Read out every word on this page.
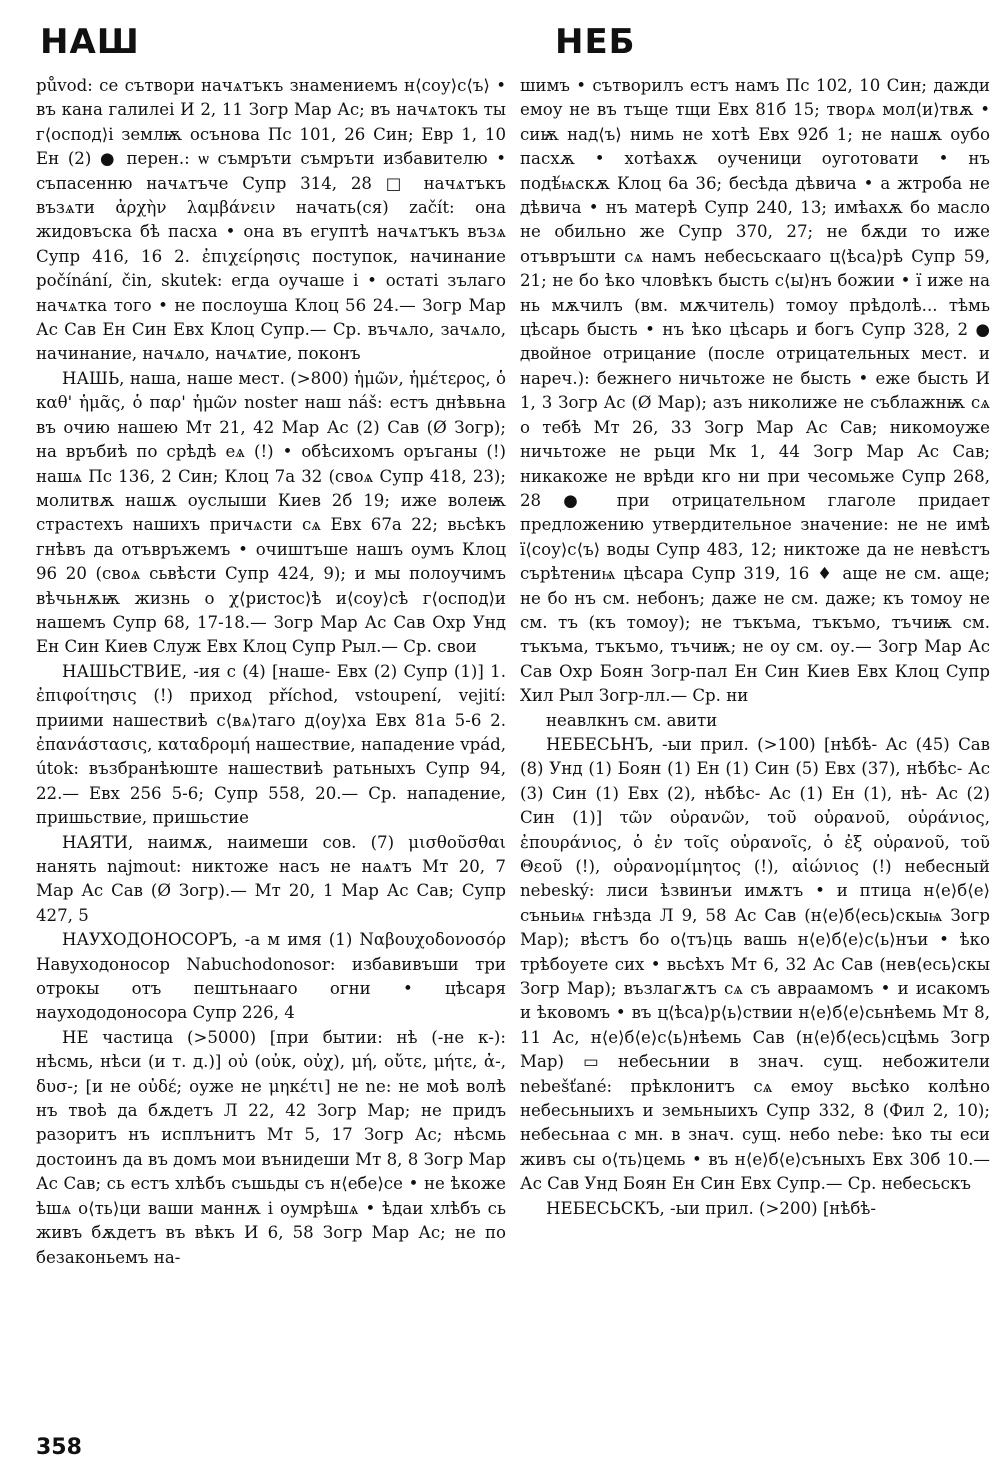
НАШ	НЕБ

původ: се сътвори начѧтъкъ знамениемъ н⟨соу⟩с⟨ъ⟩ • въ кана галилеі И 2, 11 Зогр Мар Ас; въ начѧтокъ ты г⟨оспод⟩і землѭ осънова Пс 101, 26 Син; Евр 1, 10 Ен (2) ● перен.: ѡ съмръти съмръти избавителю • съпасенню начѧтъче Супр 314, 28 □ начѧтъкъ възѧти ἀρχὴν λαμβάνειν начать(ся) začít: она жидовъска бѣ пасха • она въ егуптѣ начѧтъкъ възѧ Супр 416, 16 2. ἐπιχείρησις поступок, начинание počínání, čin, skutek: егда оучаше і • остаті зълаго начѧтка того • не послоуша Клоц 56 24.— Зогр Мар Ас Сав Ен Син Евх Клоц Супр.— Ср. въчѧло, зачѧло, начинание, начѧло, начѧтие, поконъ

НАШЬ, наша, наше мест. (>800) ἡμῶν, ἡμέτερος, ὁ καθ' ἡμᾶς, ὁ παρ' ἡμῶν noster наш náš: естъ днѣвьна въ очию нашею Мт 21, 42 Мар Ас (2) Сав (Ø Зогр); на връбиѣ по срѣдѣ еѧ (!) • обѣсихомъ оръганы (!) нашѧ Пс 136, 2 Син; Клоц 7а 32 (своѧ Супр 418, 23); молитвѫ нашѫ оуслыши Киев 2б 19; иже волеѭ страстехъ нашихъ причѧсти сѧ Евх 67а 22; вьсѣкъ гнѣвъ да отъвръжемъ • очиштъше нашъ оумъ Клоц 96 20 (своѧ сьвѣсти Супр 424, 9); и мы полоучимъ вѣчьнѫѭ жизнь о χ⟨ристос⟩ѣ и⟨соу⟩сѣ г⟨оспод⟩и нашемъ Супр 68, 17-18.— Зогр Мар Ас Сав Охр Унд Ен Син Киев Служ Евх Клоц Супр Рыл.— Ср. свои

НАШЬСТВИЕ, -ия с (4) [наше- Евх (2) Супр (1)] 1. ἐπιφοίτησις (!) приход příchod, vstoupení, vejití: приими нашествиѣ с⟨вѧ⟩таго д⟨оу⟩ха Евх 81а 5-6 2. ἐπανάστασις, καταδρομή нашествие, нападение vpád, útok: възбранѣюште нашествиѣ ратьныхъ Супр 94, 22.— Евх 256 5-6; Супр 558, 20.— Ср. нападение, пришьствие, пришьстие

НАЯТИ, наимѫ, наимеши сов. (7) μισθοῦσθαι нанять najmout: никтоже насъ не наѧтъ Мт 20, 7 Мар Ас Сав (Ø Зогр).— Мт 20, 1 Мар Ас Сав; Супр 427, 5

НАУХОДОНОСОРЪ, -а м имя (1) Ναβουχοδονοσόρ Навуходоносор Nabuchodonosor: избавивъши три отрокы отъ пештьнааго огни • цѣсаря наухододоносора Супр 226, 4

НЕ частица (>5000) [при бытии: нѣ (-не к-): нѣсмь, нѣси (и т. д.)] οὐ (οὐκ, οὐχ), μή, οὔτε, μήτε, ἀ-, δυσ-; [и не οὐδέ; оуже не μηκέτι] не ne: не моѣ волѣ нъ твоѣ да бѫдетъ Л 22, 42 Зогр Мар; не придъ разоритъ нъ исплънитъ Мт 5, 17 Зогр Ас; нѣсмь достоинъ да въ домъ мои вънидеши Мт 8, 8 Зогр Мар Ас Сав; сь естъ хлѣбъ съшьды съ н⟨ебе⟩се • не ѣкоже ѣшѧ о⟨ть⟩ци ваши маннѫ і оумрѣшѧ • ѣдаи хлѣбъ сь живъ бѫдетъ въ вѣкъ И 6, 58 Зогр Мар Ас; не по безаконьемъ на-

шимъ • сътворилъ естъ намъ Пс 102, 10 Син; дажди емоу не въ тъще тщи Евх 81б 15; творѧ мол⟨и⟩твѫ • сиѭ над⟨ъ⟩ нимь не хотѣ Евх 92б 1; не нашѫ оубо пасхѫ • хотѣахѫ оученици оуготовати • нъ подѣ́ѩскѫ Клоц 6а 36; бесѣда дѣвича • а жтроба не дѣвича • нъ матерѣ Супр 240, 13; имѣахѫ бо масло не обильно же Супр 370, 27; не бѫди то иже отъвръшти сѧ намъ небесьскааго ц⟨ѣса⟩рѣ Супр 59, 21; не бо ѣко чловѣкъ бысть с⟨ы⟩нъ божии • ї иже на нь мѫчилъ (вм. мѫчитель) томоу прѣдолѣ... тѣмь цѣсарь бысть • нъ ѣко цѣсарь и богъ Супр 328, 2 ● двойное отрицание (после отрицательных мест. и нареч.): бежнего ничьтоже не бысть • еже бысть И 1, 3 Зогр Ас (Ø Мар); азъ николиже не съблажнѭ сѧ о тебѣ Мт 26, 33 Зогр Мар Ас Сав; никомоуже ничьтоже не рьци Мк 1, 44 Зогр Мар Ас Сав; никакоже не врѣди кго ни при чесомьже Супр 268, 28 ● при отрицательном глаголе придает предложению утвердительное значение: не не имѣ ї⟨соу⟩с⟨ъ⟩ воды Супр 483, 12; никтоже да не невѣстъ сърѣтениѩ цѣсара Супр 319, 16 ♦ аще не см. аще; не бо нъ см. небонъ; даже не см. даже; къ томоу не см. тъ (къ томоу); не тъкъма, тъкъмо, тъчиѭ см. тъкъма, тъкъмо, тъчиѭ; не оу см. оу.— Зогр Мар Ас Сав Охр Боян Зогр-пал Ен Син Киев Евх Клоц Супр Хил Рыл Зогр-лл.— Ср. ни

неавлкнъ см. авити

НЕБЕСЬНЪ, -ыи прил. (>100) [нѣбѣ- Ас (45) Сав (8) Унд (1) Боян (1) Ен (1) Син (5) Евх (37), нѣбѣс- Ас (3) Син (1) Евх (2), нѣбѣс- Ас (1) Ен (1), нѣ- Ас (2) Син (1)] τῶν οὐρανῶν, τοῦ οὐρανοῦ, οὐράνιος, ἐπουράνιος, ὁ ἐν τοῖς οὐρανοῖς, ὁ ἐξ οὐρανοῦ, τοῦ Θεοῦ (!), οὐρανομίμητος (!), αἰώνιος (!) небесный nebeský: лиси ѣзвинъи имѫтъ • и птица н⟨е⟩б⟨е⟩съньиѩ гнѣзда Л 9, 58 Ас Сав (н⟨е⟩б⟨есь⟩скыѩ Зогр Мар); вѣстъ бо о⟨тъ⟩ць вашь н⟨е⟩б⟨е⟩с⟨ь⟩нъи • ѣко трѣбоуете сих • вьсѣхъ Мт 6, 32 Ас Сав (нев⟨есь⟩скы Зогр Мар); възлагѫтъ сѧ съ авраамомъ • и исакомъ и ѣковомъ • въ ц⟨ѣса⟩р⟨ь⟩ствии н⟨е⟩б⟨е⟩сьнѣемь Мт 8, 11 Ас, н⟨е⟩б⟨е⟩с⟨ь⟩нѣемь Сав (н⟨е⟩б⟨есь⟩сцѣмь Зогр Мар) ▭ небесьнии в знач. сущ. небожители nebešťané: прѣклонитъ сѧ емоу вьсѣко колѣно небесьныихъ и земьныихъ Супр 332, 8 (Фил 2, 10); небесьнаа с мн. в знач. сущ. небо nebe: ѣко ты еси живъ сы о⟨ть⟩цемь • въ н⟨е⟩б⟨е⟩съныхъ Евх 30б 10.— Ас Сав Унд Боян Ен Син Евх Супр.— Ср. небесьскъ

НЕБЕСЬСКЪ, -ыи прил. (>200) [нѣбѣ-

358
